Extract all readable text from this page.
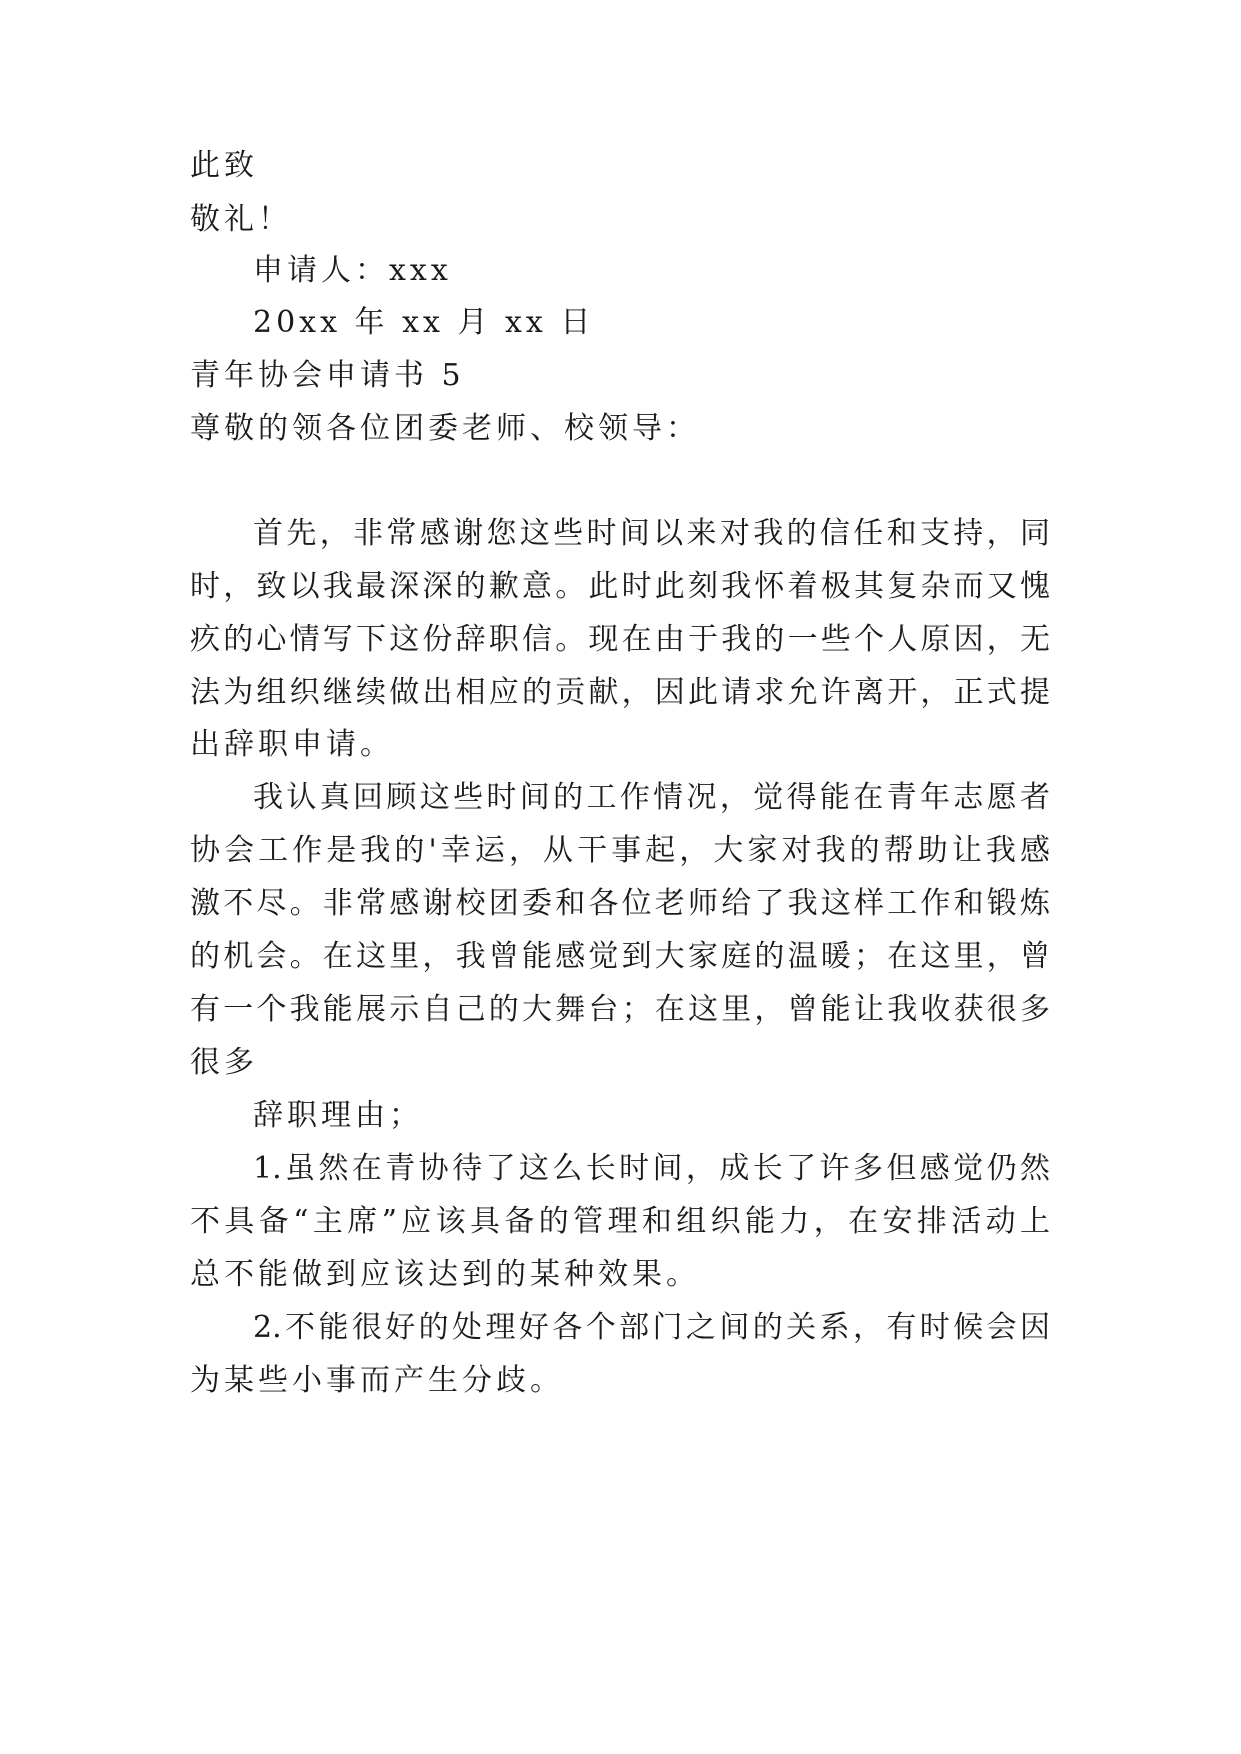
此致
敬礼！
申请人：xxx
20xx 年 xx 月 xx 日
青年协会申请书 5
尊敬的领各位团委老师、校领导：
首先，非常感谢您这些时间以来对我的信任和支持，同
时，致以我最深深的歉意。此时此刻我怀着极其复杂而又愧
疚的心情写下这份辞职信。现在由于我的一些个人原因，无
法为组织继续做出相应的贡献，因此请求允许离开，正式提
出辞职申请。
我认真回顾这些时间的工作情况，觉得能在青年志愿者
协会工作是我的'幸运，从干事起，大家对我的帮助让我感
激不尽。非常感谢校团委和各位老师给了我这样工作和锻炼
的机会。在这里，我曾能感觉到大家庭的温暖；在这里，曾
有一个我能展示自己的大舞台；在这里，曾能让我收获很多
很多
辞职理由；
1.虽然在青协待了这么长时间，成长了许多但感觉仍然
不具备“主席”应该具备的管理和组织能力，在安排活动上
总不能做到应该达到的某种效果。
2.不能很好的处理好各个部门之间的关系，有时候会因
为某些小事而产生分歧。
